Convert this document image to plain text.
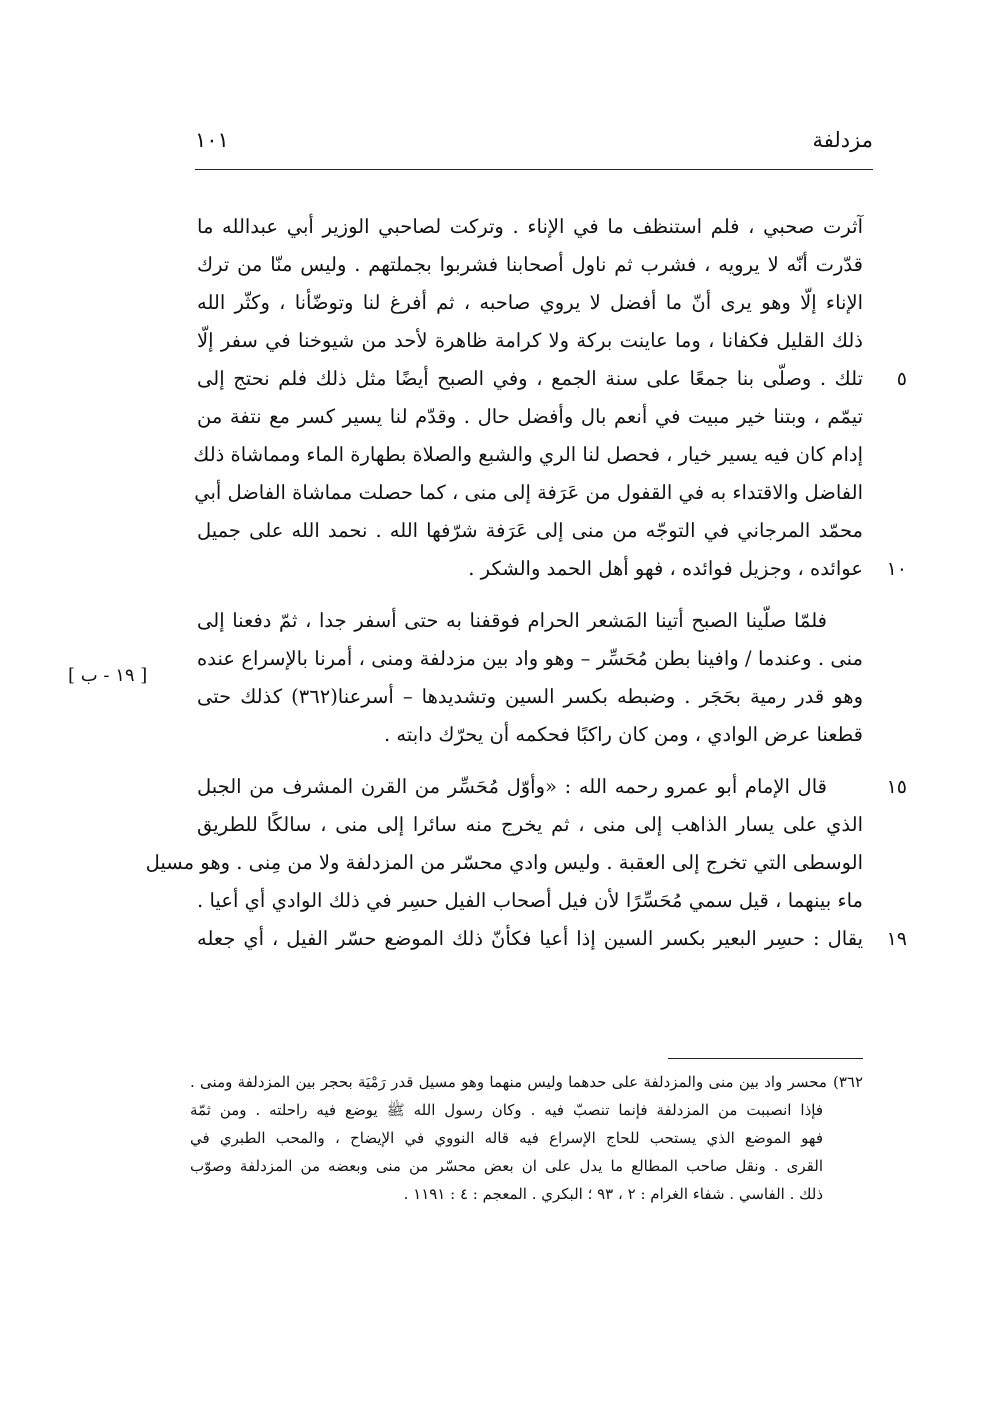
مزدلفة
١٠١
[ ١٩ - ب ]
آثرت صحبي ، فلم استنظف ما في الإناء . وتركت لصاحبي الوزير أبي عبدالله ما
قدّرت أنّه لا يرويه ، فشرب ثم ناول أصحابنا فشربوا بجملتهم . وليس منّا من ترك
الإناء إلّا وهو يرى أنّ ما أفضل لا يروي صاحبه ، ثم أفرغ لنا وتوضّأنا ، وكثّر الله
ذلك القليل فكفانا ، وما عاينت بركة ولا كرامة ظاهرة لأحد من شيوخنا في سفر إلّا
تلك . وصلّى بنا جمعًا على سنة الجمع ، وفي الصبح أيضًا مثل ذلك فلم نحتج إلى	٥
تيمّم ، وبتنا خير مبيت في أنعم بال وأفضل حال . وقدّم لنا يسير كسر مع نتفة من
إدام كان فيه يسير خيار ، فحصل لنا الري والشبع والصلاة بطهارة الماء ومماشاة ذلك
الفاضل والاقتداء به في القفول من عَرَفة إلى منى ، كما حصلت مماشاة الفاضل أبي
محمّد المرجاني في التوجّه من منى إلى عَرَفة شرّفها الله . نحمد الله على جميل
عوائده ، وجزيل فوائده ، فهو أهل الحمد والشكر .	١٠
فلمّا صلّينا الصبح أتينا المَشعر الحرام فوقفنا به حتى أسفر جدا ، ثمّ دفعنا إلى
منى . وعندما / وافينا بطن مُحَسِّر – وهو واد بين مزدلفة ومنى ، أمرنا بالإسراع عنده
وهو قدر رمية بحَجَر . وضبطه بكسر السين وتشديدها – أسرعنا(٣٦٢) كذلك حتى
قطعنا عرض الوادي ، ومن كان راكبًا فحكمه أن يحرّك دابته .
قال الإمام أبو عمرو رحمه الله : «وأوّل مُحَسِّر من القرن المشرف من الجبل	١٥
الذي على يسار الذاهب إلى منى ، ثم يخرج منه سائرا إلى منى ، سالكًا للطريق
الوسطى التي تخرج إلى العقبة . وليس وادي محسّر من المزدلفة ولا من مِنى . وهو مسيل
ماء بينهما ، قيل سمي مُحَسِّرًا لأن فيل أصحاب الفيل حسِر في ذلك الوادي أي أعيا .
يقال : حسِر البعير بكسر السين إذا أعيا فكأنّ ذلك الموضع حسّر الفيل ، أي جعله	١٩
٣٦٢)محسر واد بين منى والمزدلفة على حدهما وليس منهما وهو مسيل قدر رَمْيَة بحجر بين المزدلفة ومنى .
فإذا انصببت من المزدلفة فإنما تنصبّ فيه . وكان رسول الله ﷺ يوضع فيه راحلته . ومن ثمّة
فهو الموضع الذي يستحب للحاج الإسراع فيه قاله النووي في الإيضاح ، والمحب الطبري في
القرى . ونقل صاحب المطالع ما يدل على ان بعض محسّر من منى وبعضه من المزدلفة وصوّب
ذلك . الفاسي . شفاء الغرام : ٢ ، ٩٣ ؛ البكري . المعجم : ٤ : ١١٩١ .
